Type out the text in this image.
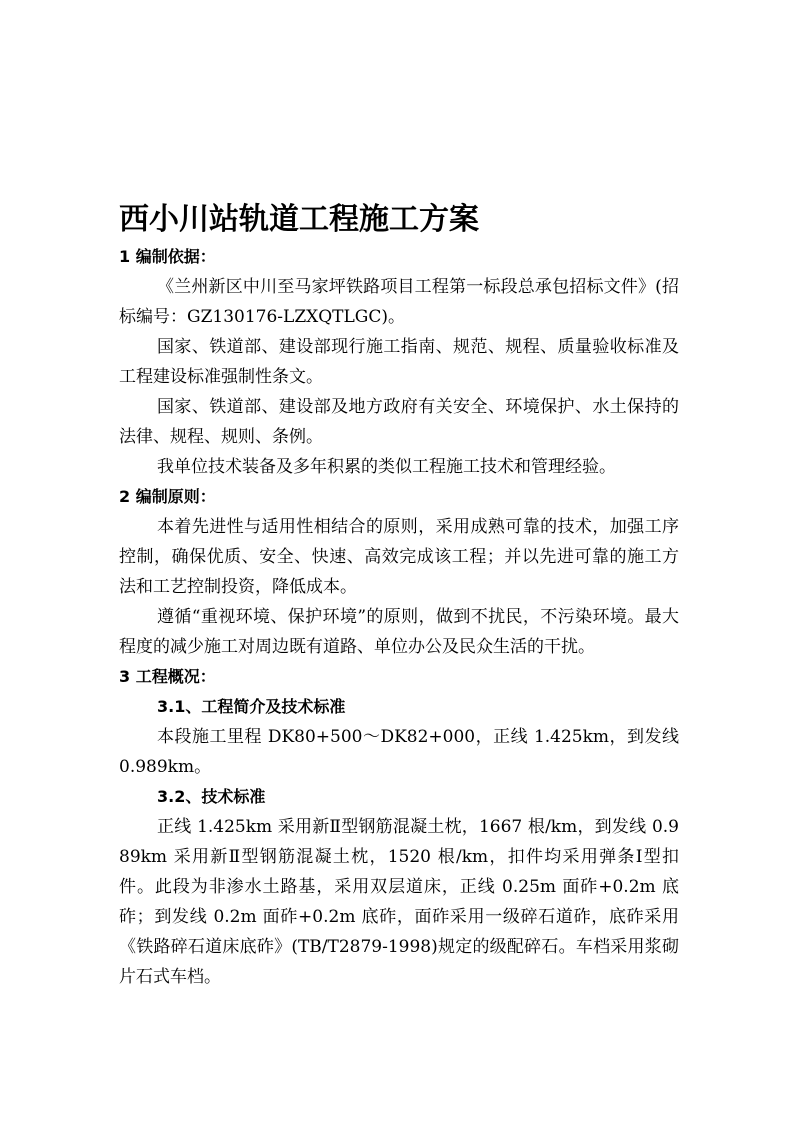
西小川站轨道工程施工方案
1 编制依据：

《兰州新区中川至马家坪铁路项目工程第一标段总承包招标文件》(招标编号：GZ130176-LZXQTLGC)。

国家、铁道部、建设部现行施工指南、规范、规程、质量验收标准及工程建设标准强制性条文。

国家、铁道部、建设部及地方政府有关安全、环境保护、水土保持的法律、规程、规则、条例。

我单位技术装备及多年积累的类似工程施工技术和管理经验。

2 编制原则：

本着先进性与适用性相结合的原则，采用成熟可靠的技术，加强工序控制，确保优质、安全、快速、高效完成该工程；并以先进可靠的施工方法和工艺控制投资，降低成本。

遵循“重视环境、保护环境”的原则，做到不扰民，不污染环境。最大程度的减少施工对周边既有道路、单位办公及民众生活的干扰。

3 工程概况：
3.1、工程简介及技术标准

本段施工里程 DK80+500～DK82+000，正线 1.425km，到发线 0.989km。

3.2、技术标准

正线 1.425km 采用新Ⅱ型钢筋混凝土枕，1667 根/km，到发线 0.989km 采用新Ⅱ型钢筋混凝土枕，1520 根/km，扣件均采用弹条Ⅰ型扣件。此段为非渗水土路基，采用双层道床，正线 0.25m 面砟+0.2m 底砟；到发线 0.2m 面砟+0.2m 底砟，面砟采用一级碎石道砟，底砟采用《铁路碎石道床底砟》(TB/T2879-1998)规定的级配碎石。车档采用浆砌片石式车档。
